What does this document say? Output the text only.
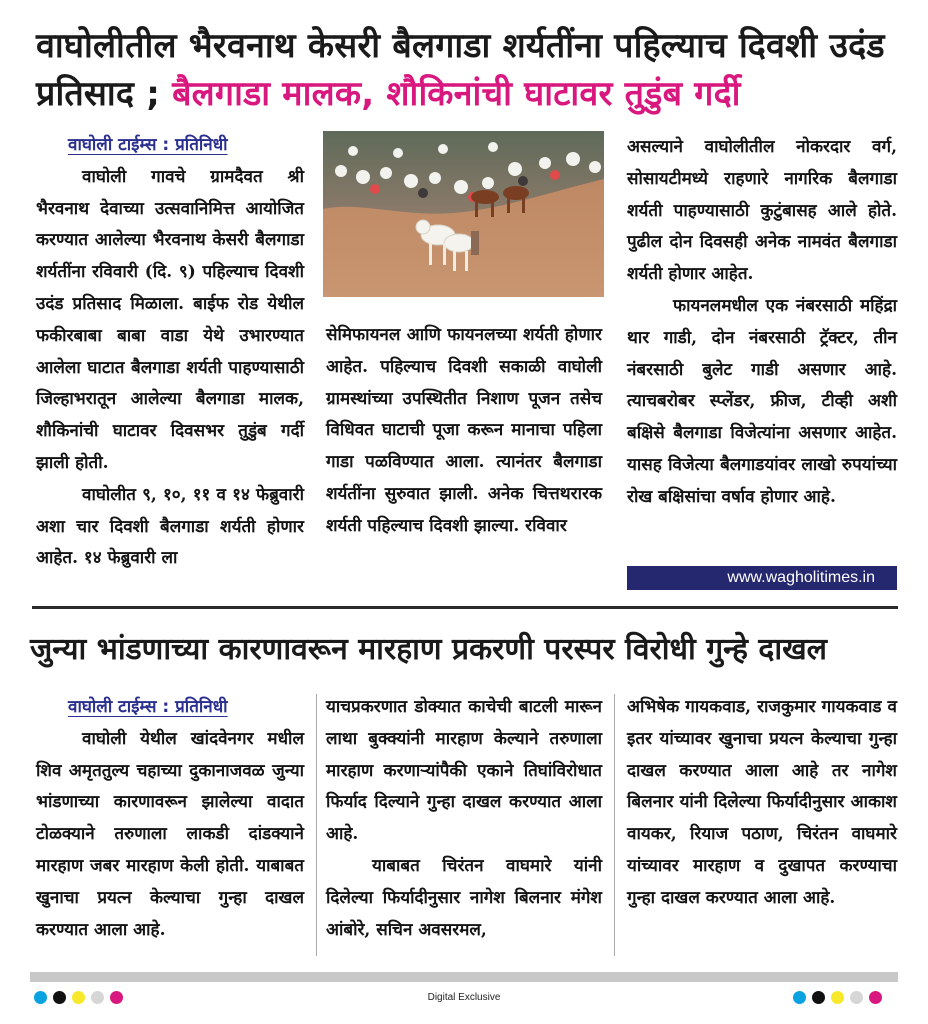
वाघोलीतील भैरवनाथ केसरी बैलगाडा शर्यतींना पहिल्याच दिवशी उदंड प्रतिसाद ; बैलगाडा मालक, शौकिनांची घाटावर तुडुंब गर्दी
वाघोली टाईम्स : प्रतिनिधी

वाघोली गावचे ग्रामदैवत श्री भैरवनाथ देवाच्या उत्सवानिमित्त आयोजित करण्यात आलेल्या भैरवनाथ केसरी बैलगाडा शर्यतींना रविवारी (दि. ९) पहिल्याच दिवशी उदंड प्रतिसाद मिळाला. बाईफ रोड येथील फकीरबाबा बाबा वाडा येथे उभारण्यात आलेला घाटात बैलगाडा शर्यती पाहण्यासाठी जिल्हाभरातून आलेल्या बैलगाडा मालक, शौकिनांची घाटावर दिवसभर तुडुंब गर्दी झाली होती.

वाघोलीत ९, १०, ११ व १४ फेब्रुवारी अशा चार दिवशी बैलगाडा शर्यती होणार आहेत. १४ फेब्रुवारी ला

सेमिफायनल आणि फायनलच्या शर्यती होणार आहेत. पहिल्याच दिवशी सकाळी वाघोली ग्रामस्थांच्या उपस्थितीत निशाण पूजन तसेच विधिवत घाटाची पूजा करून मानाचा पहिला गाडा पळविण्यात आला. त्यानंतर बैलगाडा शर्यतींना सुरुवात झाली. अनेक चित्तथरारक शर्यती पहिल्याच दिवशी झाल्या. रविवार

असल्याने वाघोलीतील नोकरदार वर्ग, सोसायटीमध्ये राहणारे नागरिक बैलगाडा शर्यती पाहण्यासाठी कुटुंबासह आले होते. पुढील दोन दिवसही अनेक नामवंत बैलगाडा शर्यती होणार आहेत.

फायनलमधील एक नंबरसाठी महिंद्रा थार गाडी, दोन नंबरसाठी ट्रॅक्टर, तीन नंबरसाठी बुलेट गाडी असणार आहे. त्याचबरोबर स्प्लेंडर, फ्रीज, टीव्ही अशी बक्षिसे बैलगाडा विजेत्यांना असणार आहेत. यासह विजेत्या बैलगाडयांवर लाखो रुपयांच्या रोख बक्षिसांचा वर्षाव होणार आहे.

www.wagholitimes.in
जुन्या भांडणाच्या कारणावरून मारहाण प्रकरणी परस्पर विरोधी गुन्हे दाखल
वाघोली टाईम्स : प्रतिनिधी

वाघोली येथील खांदवेनगर मधील शिव अमृततुल्य चहाच्या दुकानाजवळ जुन्या भांडणाच्या कारणावरून झालेल्या वादात टोळक्याने तरुणाला लाकडी दांडक्याने मारहाण जबर मारहाण केली होती. याबाबत खुनाचा प्रयत्न केल्याचा गुन्हा दाखल करण्यात आला आहे.

याचप्रकरणात डोक्यात काचेची बाटली मारून लाथा बुक्क्यांनी मारहाण केल्याने तरुणाला मारहाण करणाऱ्यांपैकी एकाने तिघांविरोधात फिर्याद दिल्याने गुन्हा दाखल करण्यात आला आहे.

याबाबत चिरंतन वाघमारे यांनी दिलेल्या फिर्यादीनुसार नागेश बिलनार मंगेश आंबोरे, सचिन अवसरमल,

अभिषेक गायकवाड, राजकुमार गायकवाड व इतर यांच्यावर खुनाचा प्रयत्न केल्याचा गुन्हा दाखल करण्यात आला आहे तर नागेश बिलनार यांनी दिलेल्या फिर्यादीनुसार आकाश वायकर, रियाज पठाण, चिरंतन वाघमारे यांच्यावर मारहाण व दुखापत करण्याचा गुन्हा दाखल करण्यात आला आहे.

Digital Exclusive
